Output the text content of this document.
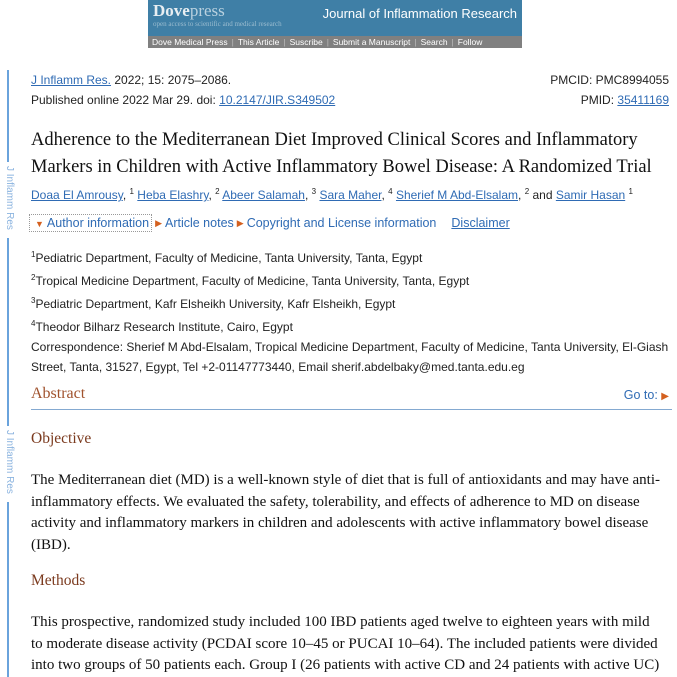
Dovepress
open access to scientific and medical research
Journal of Inflammation Research
Dove Medical Press | This Article | Suscribe | Submit a Manuscript | Search | Follow
J Inflamm Res
J Inflamm Res
J Inflamm Res. 2022; 15: 2075–2086.
Published online 2022 Mar 29. doi: 10.2147/JIR.S349502
PMCID: PMC8994055
PMID: 35411169
Adherence to the Mediterranean Diet Improved Clinical Scores and Inflammatory Markers in Children with Active Inflammatory Bowel Disease: A Randomized Trial
Doaa El Amrousy, $^1$ Heba Elashry, $^2$ Abeer Salamah, $^3$ Sara Maher, $^4$ Sherief M Abd-Elsalam, $^2$ and Samir Hasan $^1$
▼ Author information ▶ Article notes ▶ Copyright and License information Disclaimer
$^1$Pediatric Department, Faculty of Medicine, Tanta University, Tanta, Egypt
$^2$Tropical Medicine Department, Faculty of Medicine, Tanta University, Tanta, Egypt
$^3$Pediatric Department, Kafr Elsheikh University, Kafr Elsheikh, Egypt
$^4$Theodor Bilharz Research Institute, Cairo, Egypt
Correspondence: Sherief M Abd-Elsalam, Tropical Medicine Department, Faculty of Medicine, Tanta University, El-Giash Street, Tanta, 31527, Egypt, Tel +2-01147773440, Email sherif.abdelbaky@med.tanta.edu.eg
Abstract	Go to: ▶
Objective
The Mediterranean diet (MD) is a well-known style of diet that is full of antioxidants and may have anti-inflammatory effects. We evaluated the safety, tolerability, and effects of adherence to MD on disease activity and inflammatory markers in children and adolescents with active inflammatory bowel disease (IBD).
Methods
This prospective, randomized study included 100 IBD patients aged twelve to eighteen years with mild to moderate disease activity (PCDAI score 10–45 or PUCAI 10–64). The included patients were divided into two groups of 50 patients each. Group I (26 patients with active CD and 24 patients with active UC)
